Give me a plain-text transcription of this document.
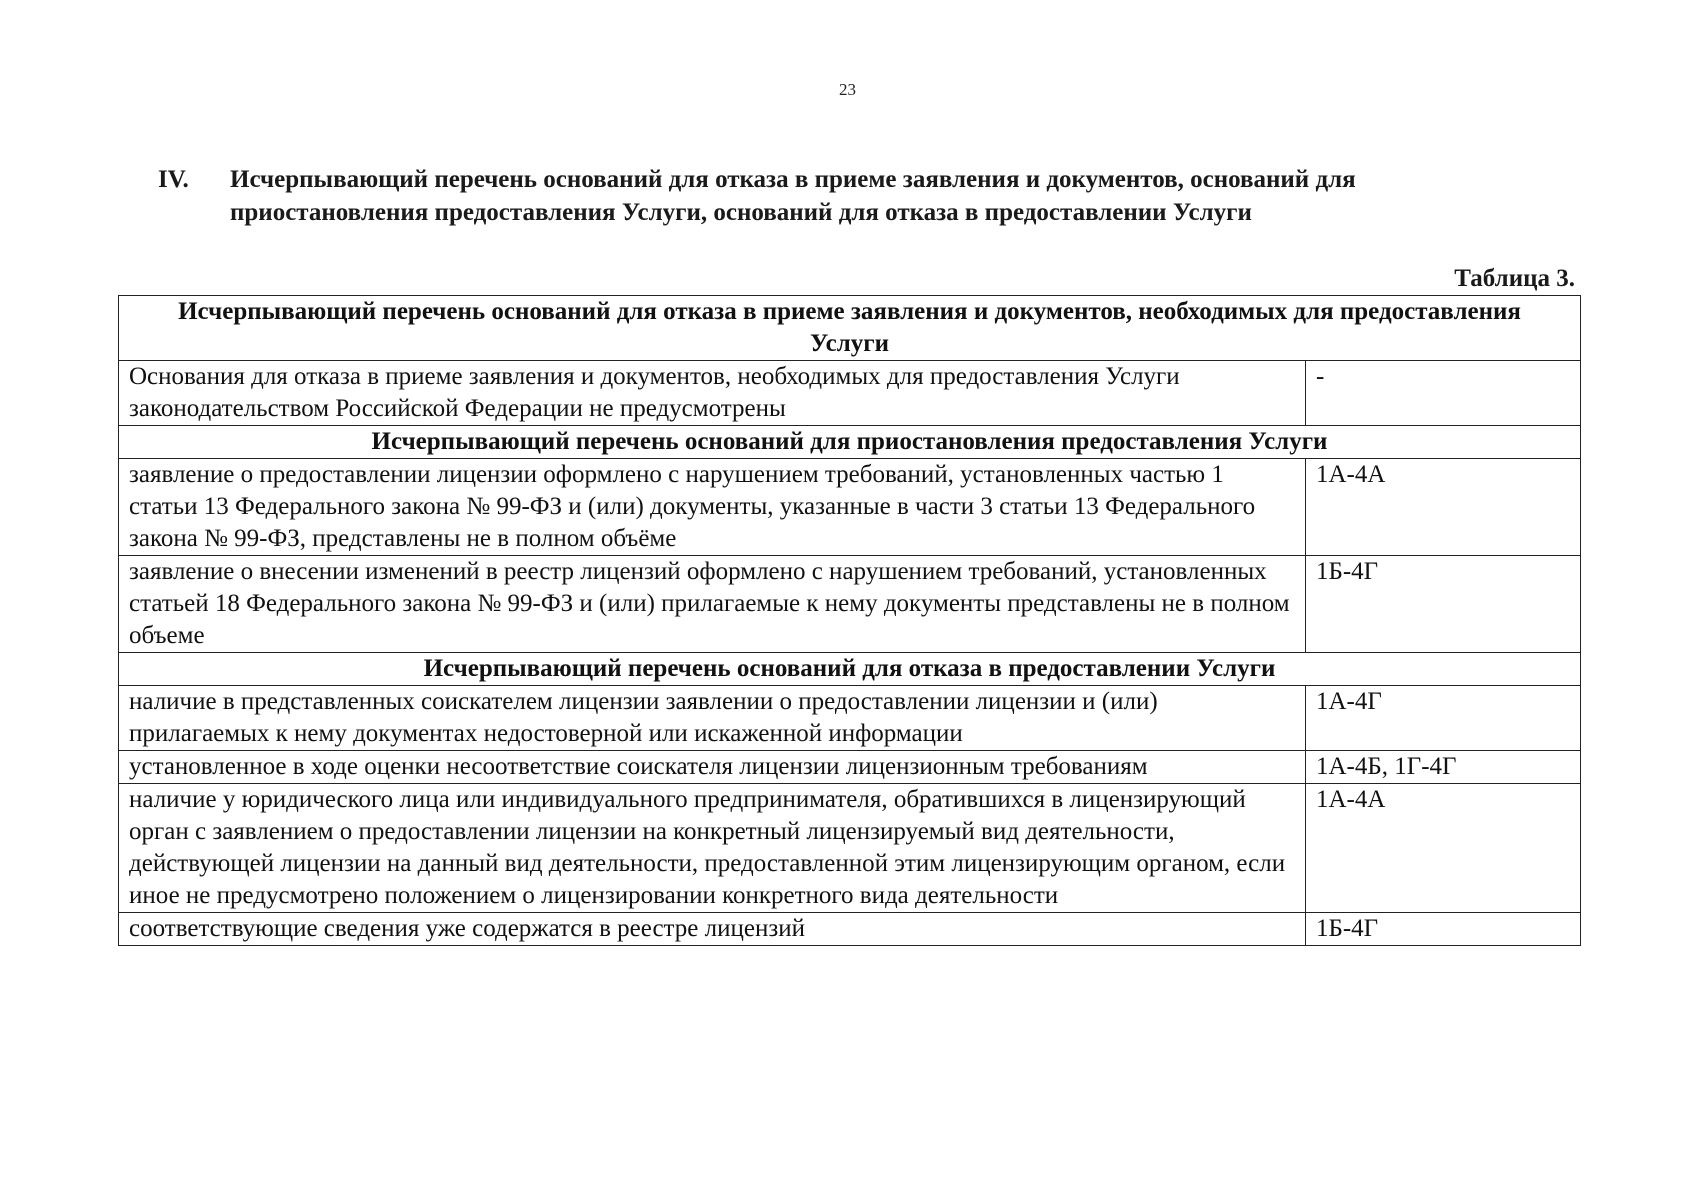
23
IV. Исчерпывающий перечень оснований для отказа в приеме заявления и документов, оснований для приостановления предоставления Услуги, оснований для отказа в предоставлении Услуги
Таблица 3.
Исчерпывающий перечень оснований для отказа в приеме заявления и документов, необходимых для предоставления Услуги	
Основания для отказа в приеме заявления и документов, необходимых для предоставления Услуги законодательством Российской Федерации не предусмотрены	-
Исчерпывающий перечень оснований для приостановления предоставления Услуги	
заявление о предоставлении лицензии оформлено с нарушением требований, установленных частью 1 статьи 13 Федерального закона № 99-ФЗ и (или) документы, указанные в части 3 статьи 13 Федерального закона № 99-ФЗ, представлены не в полном объёме	1А-4А
заявление о внесении изменений в реестр лицензий оформлено с нарушением требований, установленных статьей 18 Федерального закона № 99-ФЗ и (или) прилагаемые к нему документы представлены не в полном объеме	1Б-4Г
Исчерпывающий перечень оснований для отказа в предоставлении Услуги	
наличие в представленных соискателем лицензии заявлении о предоставлении лицензии и (или) прилагаемых к нему документах недостоверной или искаженной информации	1А-4Г
установленное в ходе оценки несоответствие соискателя лицензии лицензионным требованиям	1А-4Б, 1Г-4Г
наличие у юридического лица или индивидуального предпринимателя, обратившихся в лицензирующий орган с заявлением о предоставлении лицензии на конкретный лицензируемый вид деятельности, действующей лицензии на данный вид деятельности, предоставленной этим лицензирующим органом, если иное не предусмотрено положением о лицензировании конкретного вида деятельности	1А-4А
соответствующие сведения уже содержатся в реестре лицензий	1Б-4Г
